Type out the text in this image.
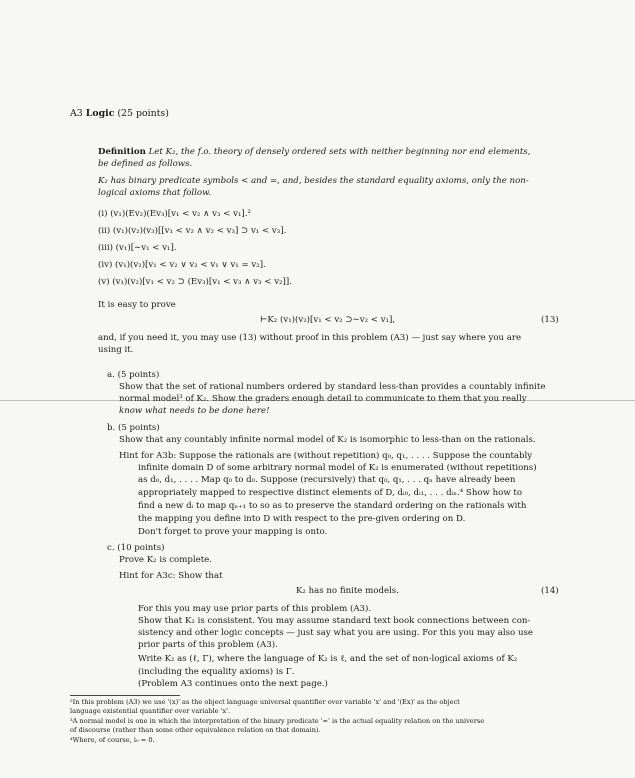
A3 Logic (25 points)
Definition Let K₂, the f.o. theory of densely ordered sets with neither beginning nor end elements,
be defined as follows.
K₂ has binary predicate symbols < and =, and, besides the standard equality axioms, only the non-
logical axioms that follow.
(i) (v₁)(Ev₂)(Ev₃)[v₁ < v₂ ∧ v₃ < v₁].²
(ii) (v₁)(v₂)(v₃)[[v₁ < v₂ ∧ v₂ < v₃] ⊃ v₁ < v₃].
(iii) (v₁)[∼v₁ < v₁].
(iv) (v₁)(v₂)[v₁ < v₂ ∨ v₂ < v₁ ∨ v₁ = v₂].
(v) (v₁)(v₂)[v₁ < v₂ ⊃ (Ev₃)[v₁ < v₃ ∧ v₃ < v₂]].
It is easy to prove
⊢K₂ (v₁)(v₂)[v₁ < v₂ ⊃∼v₂ < v₁],	(13)
and, if you need it, you may use (13) without proof in this problem (A3) — just say where you are
using it.
a. (5 points)
Show that the set of rational numbers ordered by standard less-than provides a countably infinite
normal model³ of K₂. Show the graders enough detail to communicate to them that you really
know what needs to be done here!
b. (5 points)
Show that any countably infinite normal model of K₂ is isomorphic to less-than on the rationals.
Hint for A3b: Suppose the rationals are (without repetition) q₀, q₁, . . . . Suppose the countably
infinite domain D of some arbitrary normal model of K₂ is enumerated (without repetitions)
as d₀, d₁, . . . . Map q₀ to d₀. Suppose (recursively) that q₀, q₁, . . . qₙ have already been
appropriately mapped to respective distinct elements of D, dᵢ₀, dᵢ₁, . . . dᵢₙ.⁴ Show how to
find a new dᵢ to map qₙ₊₁ to so as to preserve the standard ordering on the rationals with
the mapping you define into D with respect to the pre-given ordering on D.
Don't forget to prove your mapping is onto.
c. (10 points)
Prove K₂ is complete.
Hint for A3c: Show that
K₂ has no finite models.	(14)
For this you may use prior parts of this problem (A3).
Show that K₂ is consistent. You may assume standard text book connections between con-
sistency and other logic concepts — just say what you are using. For this you may also use
prior parts of this problem (A3).
Write K₂ as (ℓ, Γ), where the language of K₂ is ℓ, and the set of non-logical axioms of K₂
(including the equality axioms) is Γ.
(Problem A3 continues onto the next page.)
²In this problem (A3) we use '(x)' as the object language universal quantifier over variable 'x' and '(Ex)' as the object
language existential quantifier over variable 'x'.
³A normal model is one in which the interpretation of the binary predicate '=' is the actual equality relation on the universe
of discourse (rather than some other equivalence relation on that domain).
⁴Where, of course, i₀ = 0.
